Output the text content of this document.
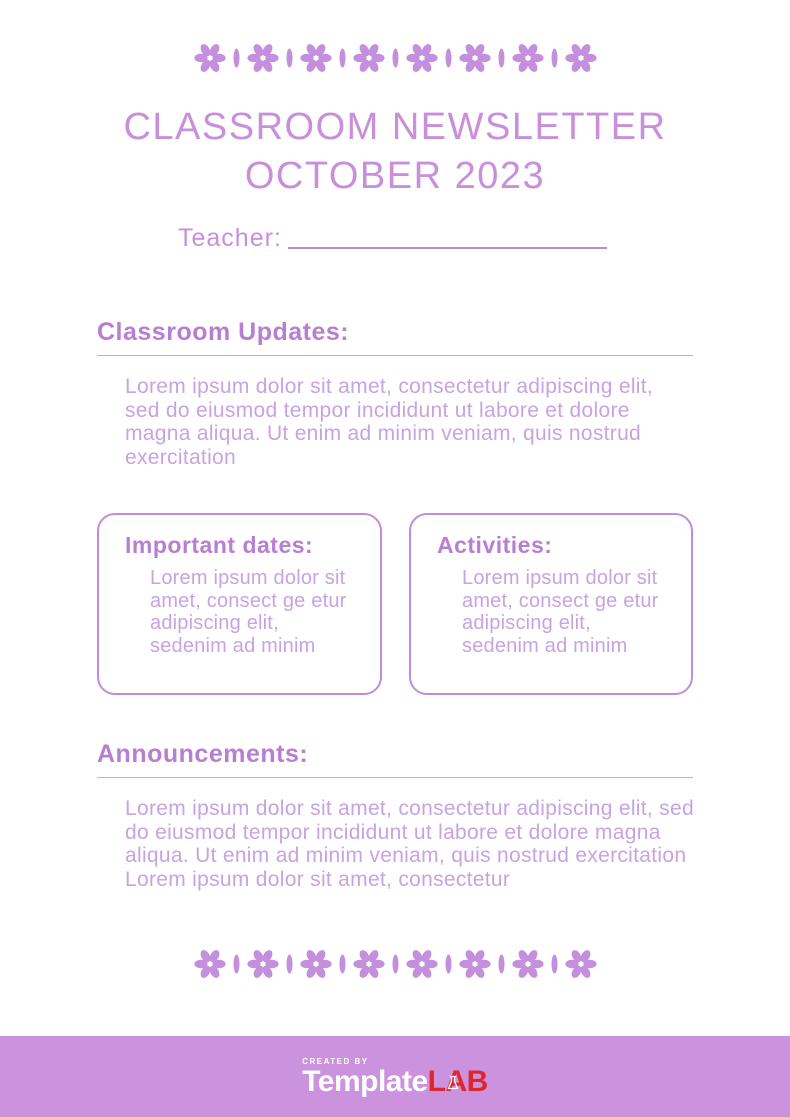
CLASSROOM NEWSLETTER
OCTOBER 2023
Teacher:
Classroom Updates:

Lorem ipsum dolor sit amet, consectetur adipiscing elit, sed do eiusmod tempor incididunt ut labore et dolore magna aliqua. Ut enim ad minim veniam, quis nostrud exercitation

Important dates:
Lorem ipsum dolor sit amet, consect ge etur adipiscing elit, sedenim ad minim
Activities:
Lorem ipsum dolor sit amet, consect ge etur adipiscing elit, sedenim ad minim
Announcements:

Lorem ipsum dolor sit amet, consectetur adipiscing elit, sed do eiusmod tempor incididunt ut labore et dolore magna aliqua. Ut enim ad minim veniam, quis nostrud exercitation Lorem ipsum dolor sit amet, consectetur

CREATED BY
TemplateLAB
